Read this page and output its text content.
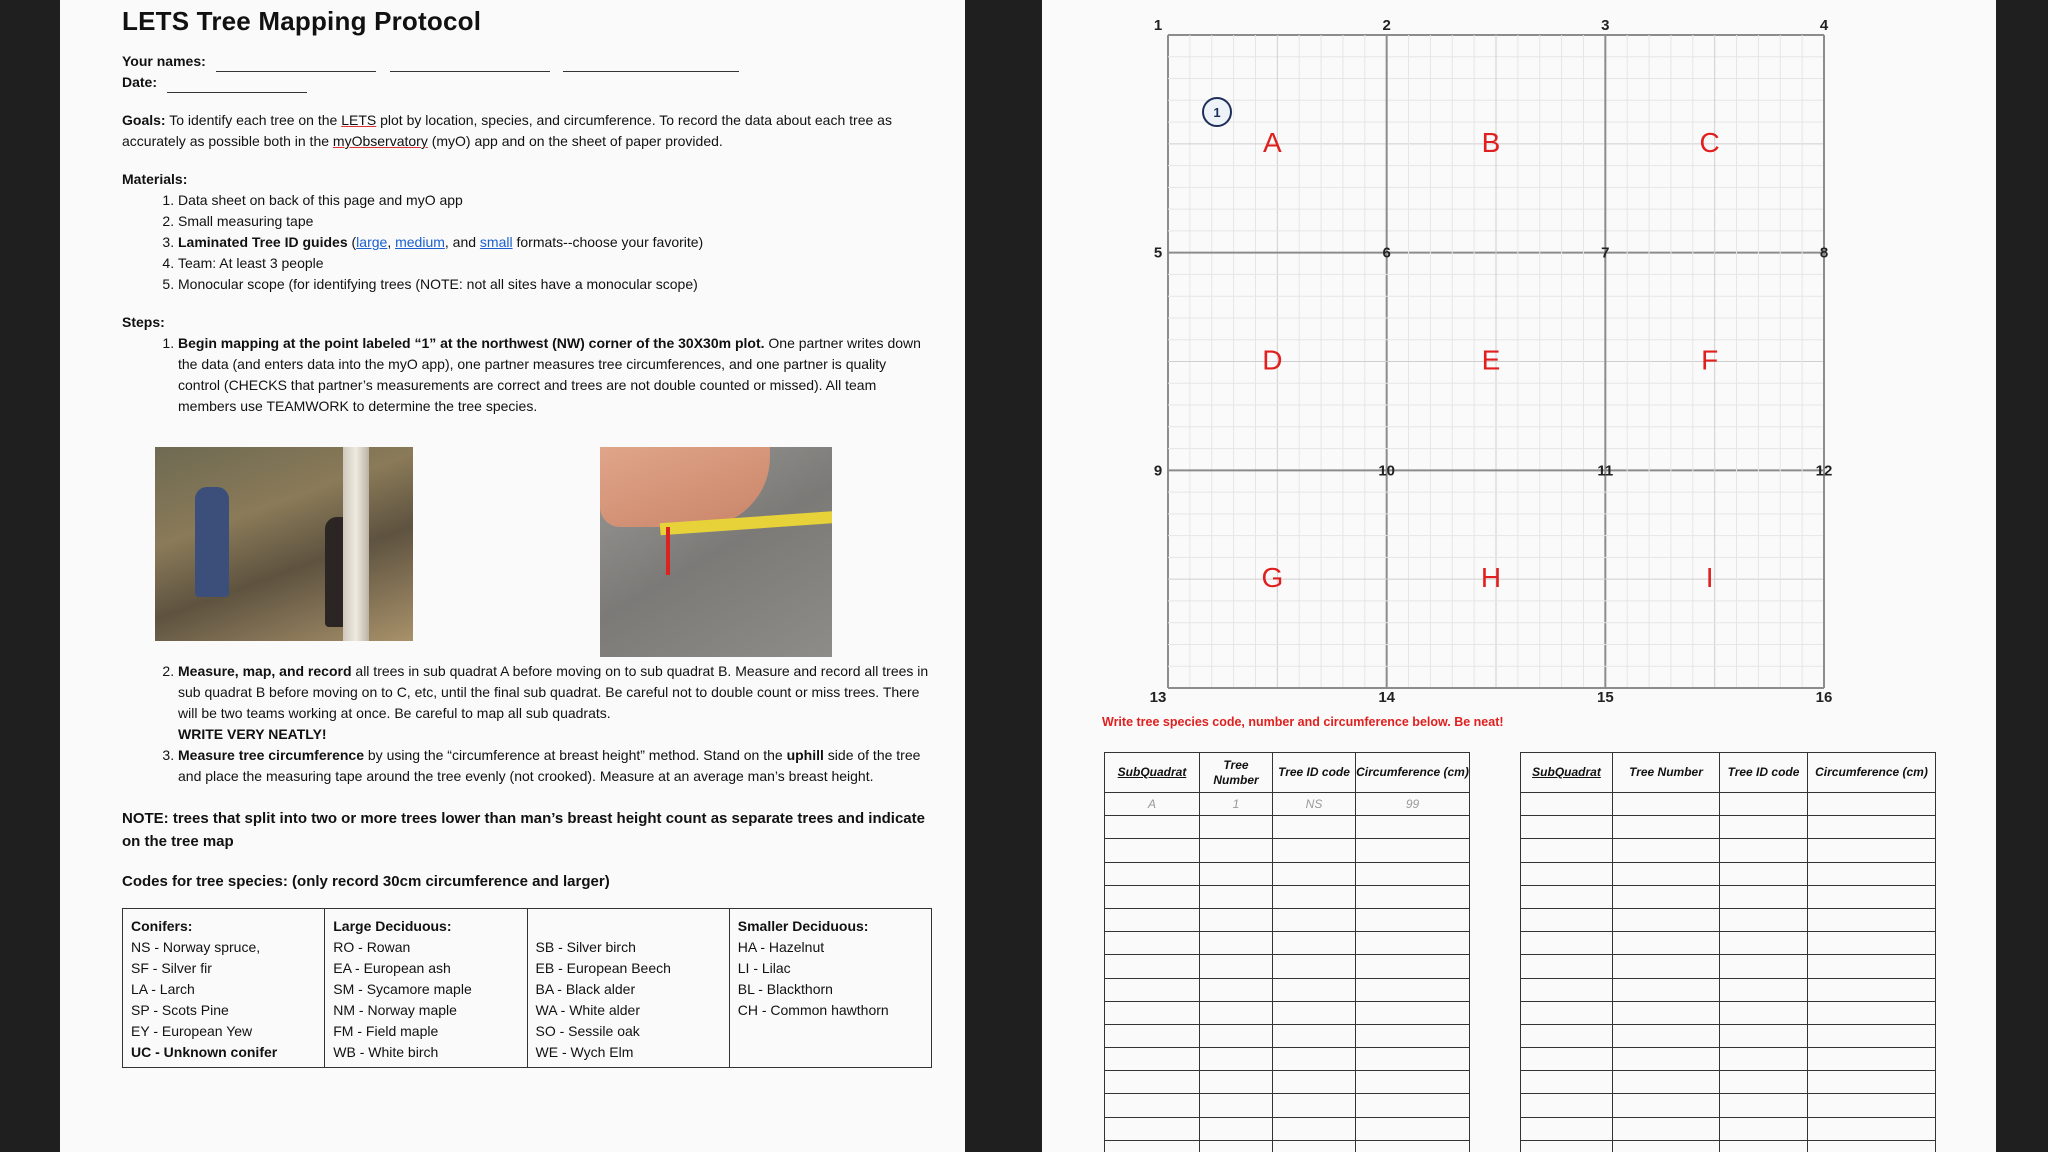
LETS Tree Mapping Protocol
Your names:
Date:

Goals: To identify each tree on the LETS plot by location, species, and circumference. To record the data about each tree as accurately as possible both in the myObservatory (myO) app and on the sheet of paper provided.

Materials:

1. Data sheet on back of this page and myO app
2. Small measuring tape
3. Laminated Tree ID guides (large, medium, and small formats--choose your favorite)
4. Team: At least 3 people
5. Monocular scope (for identifying trees (NOTE: not all sites have a monocular scope)

Steps:

1. Begin mapping at the point labeled “1” at the northwest (NW) corner of the 30X30m plot. One partner writes down the data (and enters data into the myO app), one partner measures tree circumferences, and one partner is quality control (CHECKS that partner’s measurements are correct and trees are not double counted or missed). All team members use TEAMWORK to determine the tree species.
2. Measure, map, and record all trees in sub quadrat A before moving on to sub quadrat B. Measure and record all trees in sub quadrat B before moving on to C, etc, until the final sub quadrat. Be careful not to double count or miss trees. There will be two teams working at once. Be careful to map all sub quadrats.
WRITE VERY NEATLY!
3. Measure tree circumference by using the “circumference at breast height” method. Stand on the uphill side of the tree and place the measuring tape around the tree evenly (not crooked). Measure at an average man’s breast height.

NOTE: trees that split into two or more trees lower than man’s breast height count as separate trees and indicate on the tree map

Codes for tree species: (only record 30cm circumference and larger)

Conifers:
NS - Norway spruce,
SF - Silver fir
LA - Larch
SP - Scots Pine
EY - European Yew
UC - Unknown conifer

Large Deciduous:
RO - Rowan
EA - European ash
SM - Sycamore maple
NM - Norway maple
FM - Field maple
WB - White birch

SB - Silver birch
EB - European Beech
BA - Black alder
WA - White alder
SO - Sessile oak
WE - Wych Elm

Smaller Deciduous:
HA - Hazelnut
LI - Lilac
BL - Blackthorn
CH - Common hawthorn
1	2	3	4
5	6	7	8
9	10	11	12
13	14	15	16
A	B	C
D	E	F
G	H	I
1
Write tree species code, number and circumference below. Be neat!
SubQuadrat	Tree Number	Tree ID code	Circumference (cm)
A	1	NS	99

SubQuadrat	Tree Number	Tree ID code	Circumference (cm)
